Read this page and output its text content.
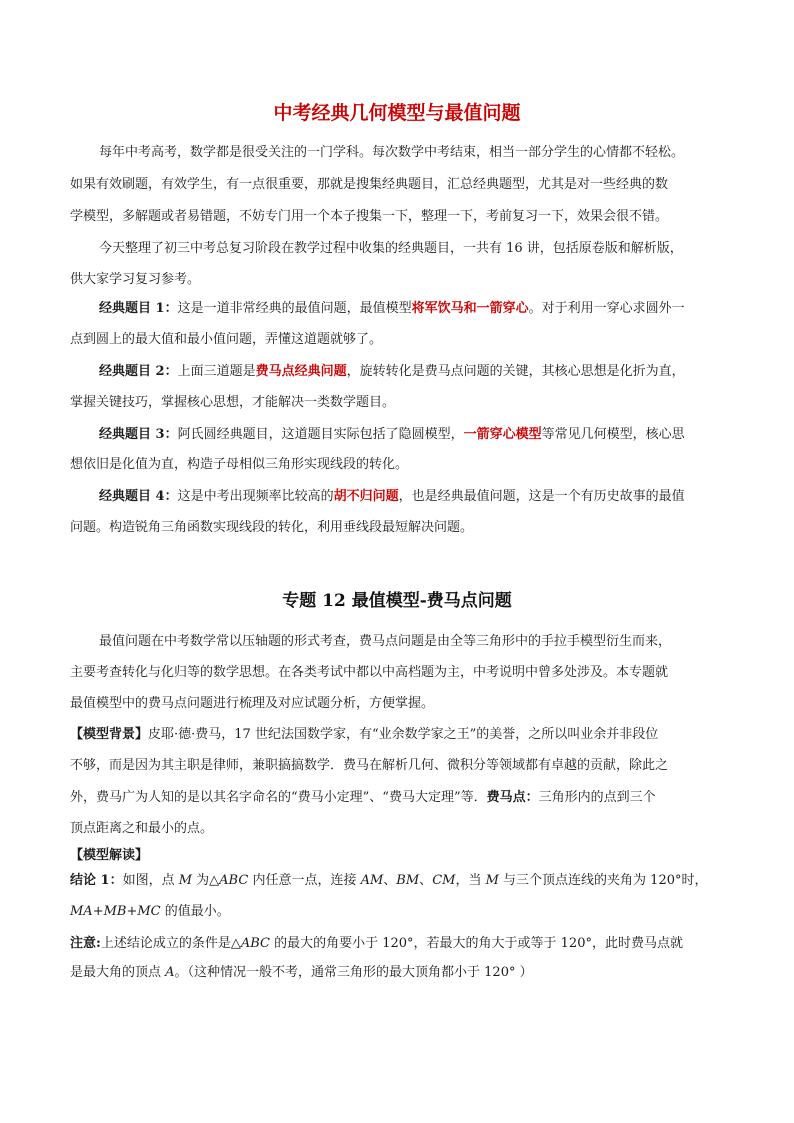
中考经典几何模型与最值问题
每年中考高考，数学都是很受关注的一门学科。每次数学中考结束，相当一部分学生的心情都不轻松。
如果有效刷题，有效学生，有一点很重要，那就是搜集经典题目，汇总经典题型，尤其是对一些经典的数
学模型，多解题或者易错题，不妨专门用一个本子搜集一下，整理一下，考前复习一下，效果会很不错。
今天整理了初三中考总复习阶段在教学过程中收集的经典题目，一共有 16 讲，包括原卷版和解析版，
供大家学习复习参考。
经典题目 1：这是一道非常经典的最值问题，最值模型将军饮马和一箭穿心。对于利用一穿心求圆外一
点到圆上的最大值和最小值问题，弄懂这道题就够了。
经典题目 2：上面三道题是费马点经典问题，旋转转化是费马点问题的关键，其核心思想是化折为直，
掌握关键技巧，掌握核心思想，才能解决一类数学题目。
经典题目 3：阿氏圆经典题目，这道题目实际包括了隐圆模型，一箭穿心模型等常见几何模型，核心思
想依旧是化值为直，构造子母相似三角形实现线段的转化。
经典题目 4：这是中考出现频率比较高的胡不归问题，也是经典最值问题，这是一个有历史故事的最值
问题。构造锐角三角函数实现线段的转化，利用垂线段最短解决问题。
专题 12 最值模型-费马点问题
最值问题在中考数学常以压轴题的形式考查，费马点问题是由全等三角形中的手拉手模型衍生而来，
主要考查转化与化归等的数学思想。在各类考试中都以中高档题为主，中考说明中曾多处涉及。本专题就
最值模型中的费马点问题进行梳理及对应试题分析，方便掌握。
【模型背景】皮耶·德·费马，17 世纪法国数学家，有“业余数学家之王”的美誉，之所以叫业余并非段位
不够，而是因为其主职是律师，兼职搞搞数学．费马在解析几何、微积分等领域都有卓越的贡献，除此之
外，费马广为人知的是以其名字命名的“费马小定理”、“费马大定理”等．费马点：三角形内的点到三个
顶点距离之和最小的点。
【模型解读】
结论 1：如图，点 M 为△ABC 内任意一点，连接 AM、BM、CM，当 M 与三个顶点连线的夹角为 120°时，
MA+MB+MC 的值最小。
注意:上述结论成立的条件是△ABC 的最大的角要小于 120°，若最大的角大于或等于 120°，此时费马点就
是最大角的顶点 A。（这种情况一般不考，通常三角形的最大顶角都小于 120° ）
